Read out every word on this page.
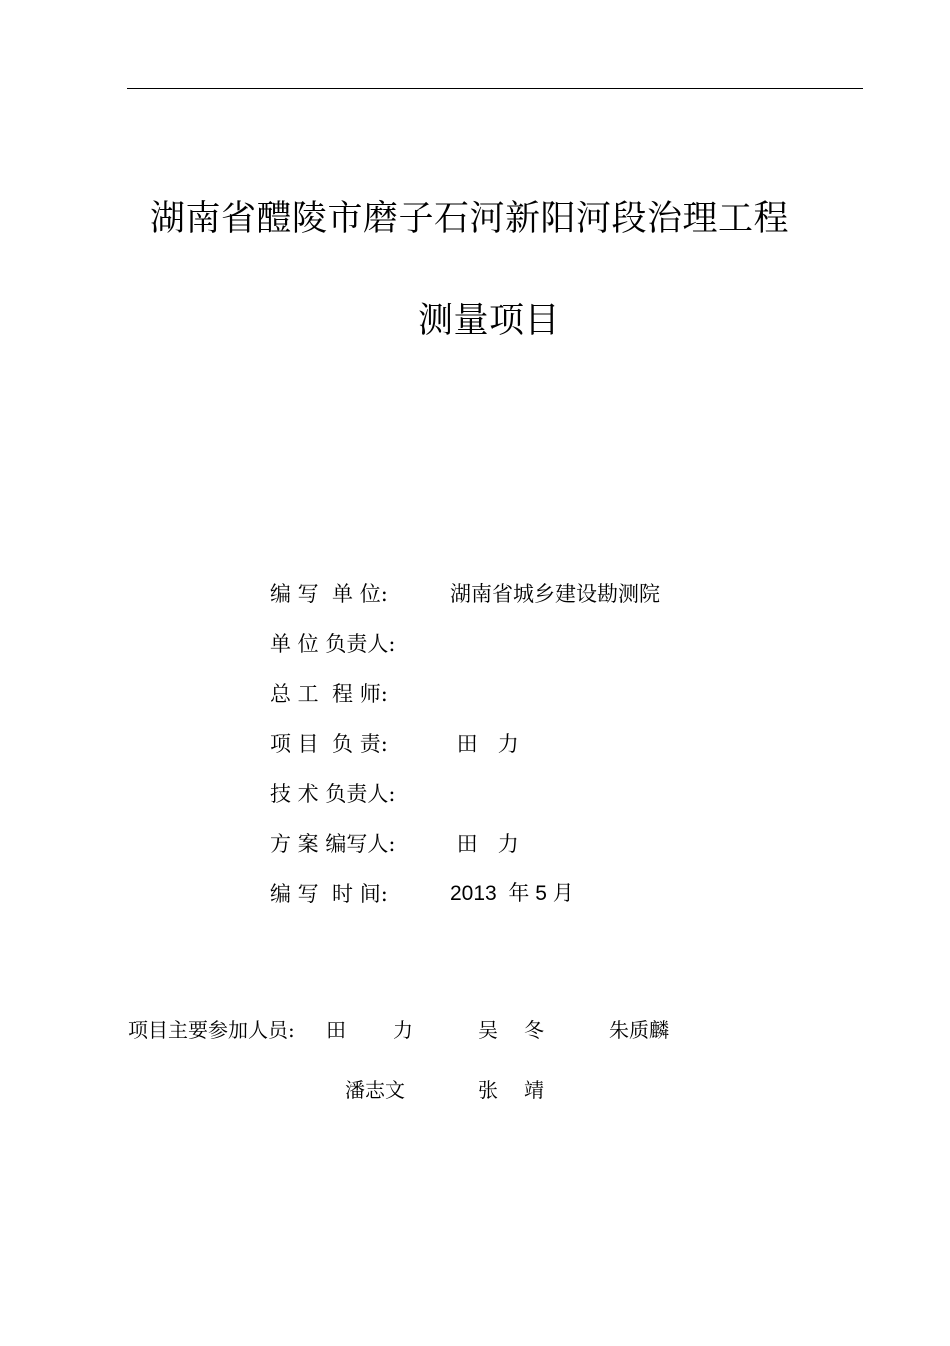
湖南省醴陵市磨子石河新阳河段治理工程
测量项目
编 写  单 位:	湖南省城乡建设勘测院
单 位 负责人:
总 工  程 师:
项 目  负 责:	田   力
技 术 负责人:
方 案 编写人:	田   力
编 写  时 间:	2013  年 5 月
项目主要参加人员: 田 力	吴 冬	朱质麟
潘志文	张 靖
